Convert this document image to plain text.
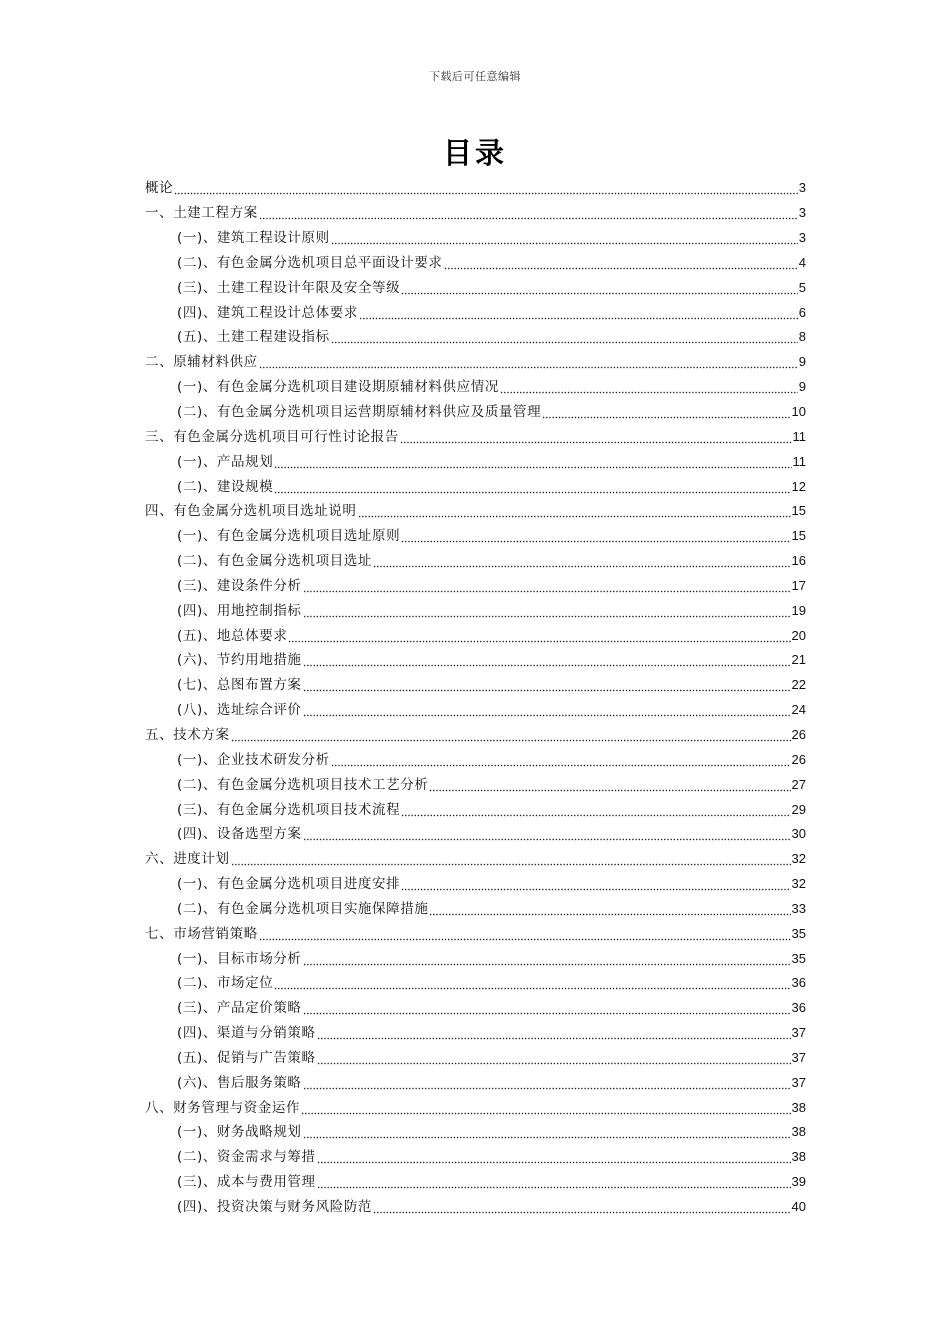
下载后可任意编辑
目录
概论	3
一、土建工程方案	3
(一)、建筑工程设计原则	3
(二)、有色金属分选机项目总平面设计要求	4
(三)、土建工程设计年限及安全等级	5
(四)、建筑工程设计总体要求	6
(五)、土建工程建设指标	8
二、原辅材料供应	9
(一)、有色金属分选机项目建设期原辅材料供应情况	9
(二)、有色金属分选机项目运营期原辅材料供应及质量管理	10
三、有色金属分选机项目可行性讨论报告	11
(一)、产品规划	11
(二)、建设规模	12
四、有色金属分选机项目选址说明	15
(一)、有色金属分选机项目选址原则	15
(二)、有色金属分选机项目选址	16
(三)、建设条件分析	17
(四)、用地控制指标	19
(五)、地总体要求	20
(六)、节约用地措施	21
(七)、总图布置方案	22
(八)、选址综合评价	24
五、技术方案	26
(一)、企业技术研发分析	26
(二)、有色金属分选机项目技术工艺分析	27
(三)、有色金属分选机项目技术流程	29
(四)、设备选型方案	30
六、进度计划	32
(一)、有色金属分选机项目进度安排	32
(二)、有色金属分选机项目实施保障措施	33
七、市场营销策略	35
(一)、目标市场分析	35
(二)、市场定位	36
(三)、产品定价策略	36
(四)、渠道与分销策略	37
(五)、促销与广告策略	37
(六)、售后服务策略	37
八、财务管理与资金运作	38
(一)、财务战略规划	38
(二)、资金需求与筹措	38
(三)、成本与费用管理	39
(四)、投资决策与财务风险防范	40
